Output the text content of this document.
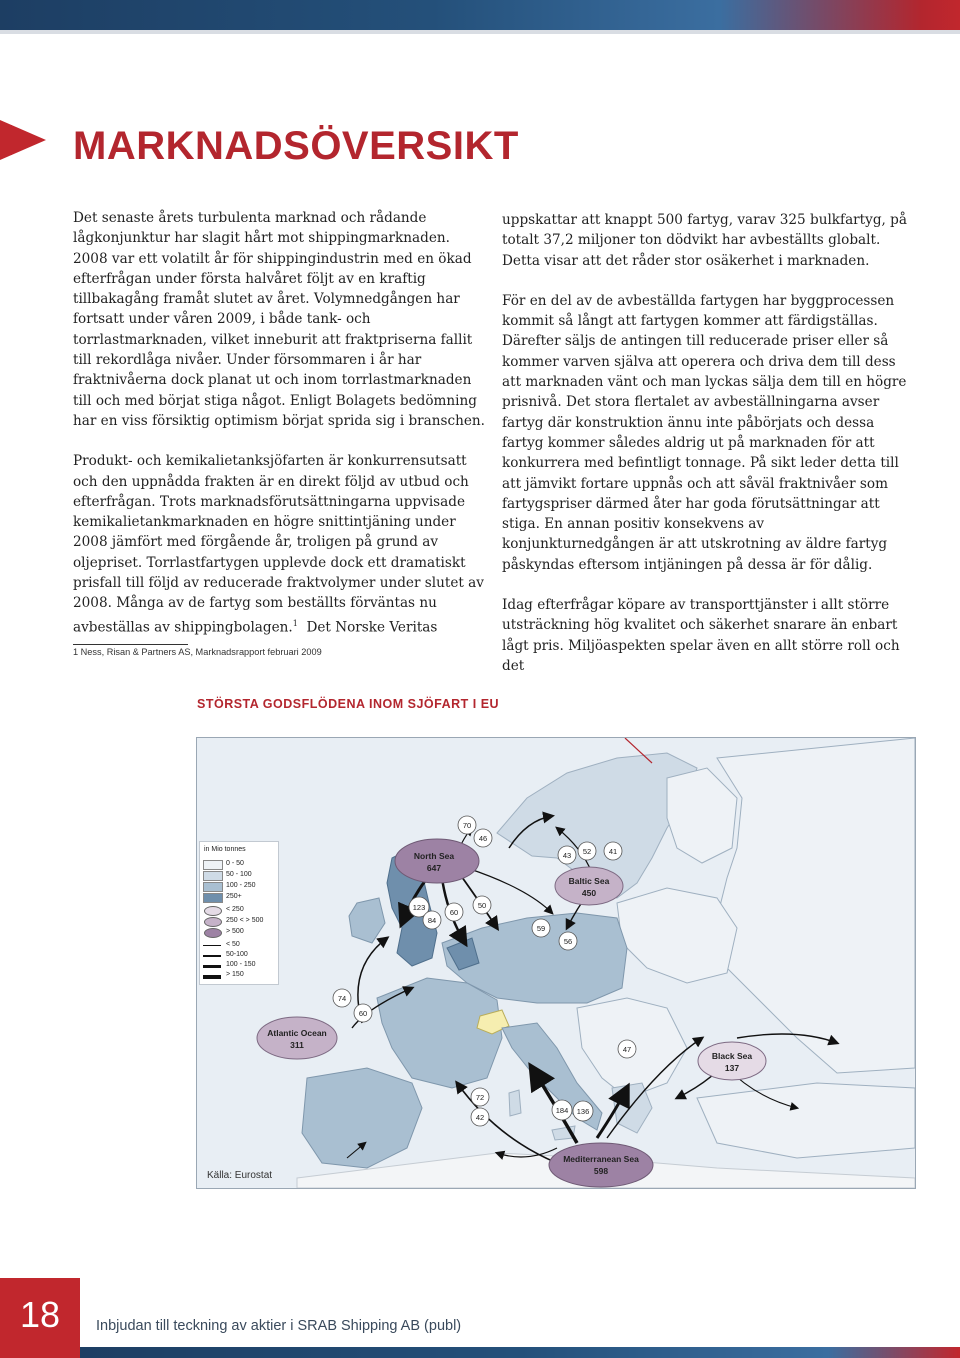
MARKNADSÖVERSIKT

Det senaste årets turbulenta marknad och rådande lågkonjunktur har slagit hårt mot shippingmarknaden. 2008 var ett volatilt år för shippingindustrin med en ökad efterfrågan under första halvåret följt av en kraftig tillbakagång framåt slutet av året. Volymnedgången har fortsatt under våren 2009, i både tank- och torrlastmarknaden, vilket inneburit att fraktpriserna fallit till rekordlåga nivåer. Under försommaren i år har fraktnivåerna dock planat ut och inom torrlastmarknaden till och med börjat stiga något. Enligt Bolagets bedömning har en viss försiktig optimism börjat sprida sig i branschen.

Produkt- och kemikalietanksjöfarten är konkurrensutsatt och den uppnådda frakten är en direkt följd av utbud och efterfrågan. Trots marknadsförutsättningarna uppvisade kemikalietankmarknaden en högre snittintjäning under 2008 jämfört med förgående år, troligen på grund av oljepriset. Torrlastfartygen upplevde dock ett dramatiskt prisfall till följd av reducerade fraktvolymer under slutet av 2008. Många av de fartyg som beställts förväntas nu avbeställas av shippingbolagen.$^1$ Det Norske Veritas

1 Ness, Risan & Partners AS, Marknadsrapport februari 2009

uppskattar att knappt 500 fartyg, varav 325 bulkfartyg, på totalt 37,2 miljoner ton dödvikt har avbeställts globalt. Detta visar att det råder stor osäkerhet i marknaden.

För en del av de avbeställda fartygen har byggprocessen kommit så långt att fartygen kommer att färdigställas. Därefter säljs de antingen till reducerade priser eller så kommer varven själva att operera och driva dem till dess att marknaden vänt och man lyckas sälja dem till en högre prisnivå. Det stora flertalet av avbeställningarna avser fartyg där konstruktion ännu inte påbörjats och dessa fartyg kommer således aldrig ut på marknaden för att konkurrera med befintligt tonnage. På sikt leder detta till att jämvikt fortare uppnås och att såväl fraktnivåer som fartygspriser därmed åter har goda förutsättningar att stiga. En annan positiv konsekvens av konjunkturnedgången är att utskrotning av äldre fartyg påskyndas eftersom intjäningen på dessa är för dålig.

Idag efterfrågar köpare av transporttjänster i allt större utsträckning hög kvalitet och säkerhet snarare än enbart lågt pris. Miljöaspekten spelar även en allt större roll och det

STÖRSTA GODSFLÖDENA INOM SJÖFART I EU
North Sea
647
Baltic Sea
450
Atlantic Ocean
311
Black Sea
137
Mediterranean Sea
598
70
46
43 52 41
123
84
60
50
59
56
74
60
47
72
42
184 136
in Mio tonnes
0 - 50
50 - 100
100 - 250
250+
< 250
250 < > 500
> 500
< 50
50-100
100 - 150
> 150
Källa: Eurostat
18	Inbjudan till teckning av aktier i SRAB Shipping AB (publ)
